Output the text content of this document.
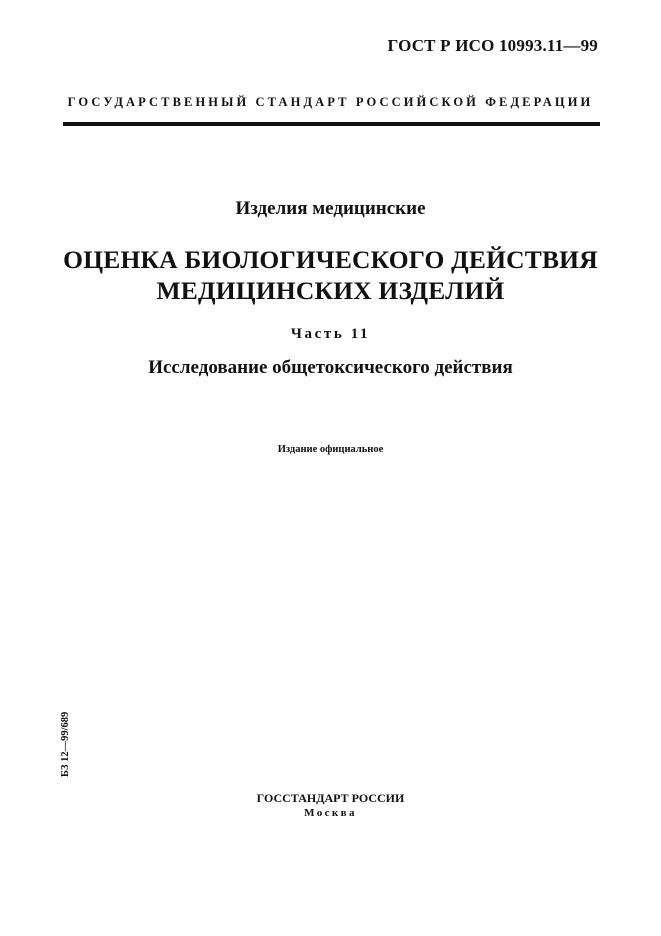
ГОСТ Р ИСО 10993.11—99
ГОСУДАРСТВЕННЫЙ СТАНДАРТ РОССИЙСКОЙ ФЕДЕРАЦИИ
Изделия медицинские
ОЦЕНКА БИОЛОГИЧЕСКОГО ДЕЙСТВИЯ
МЕДИЦИНСКИХ ИЗДЕЛИЙ
Часть 11
Исследование общетоксического действия
Издание официальное
БЗ 12—99/689
ГОССТАНДАРТ РОССИИ
Москва
